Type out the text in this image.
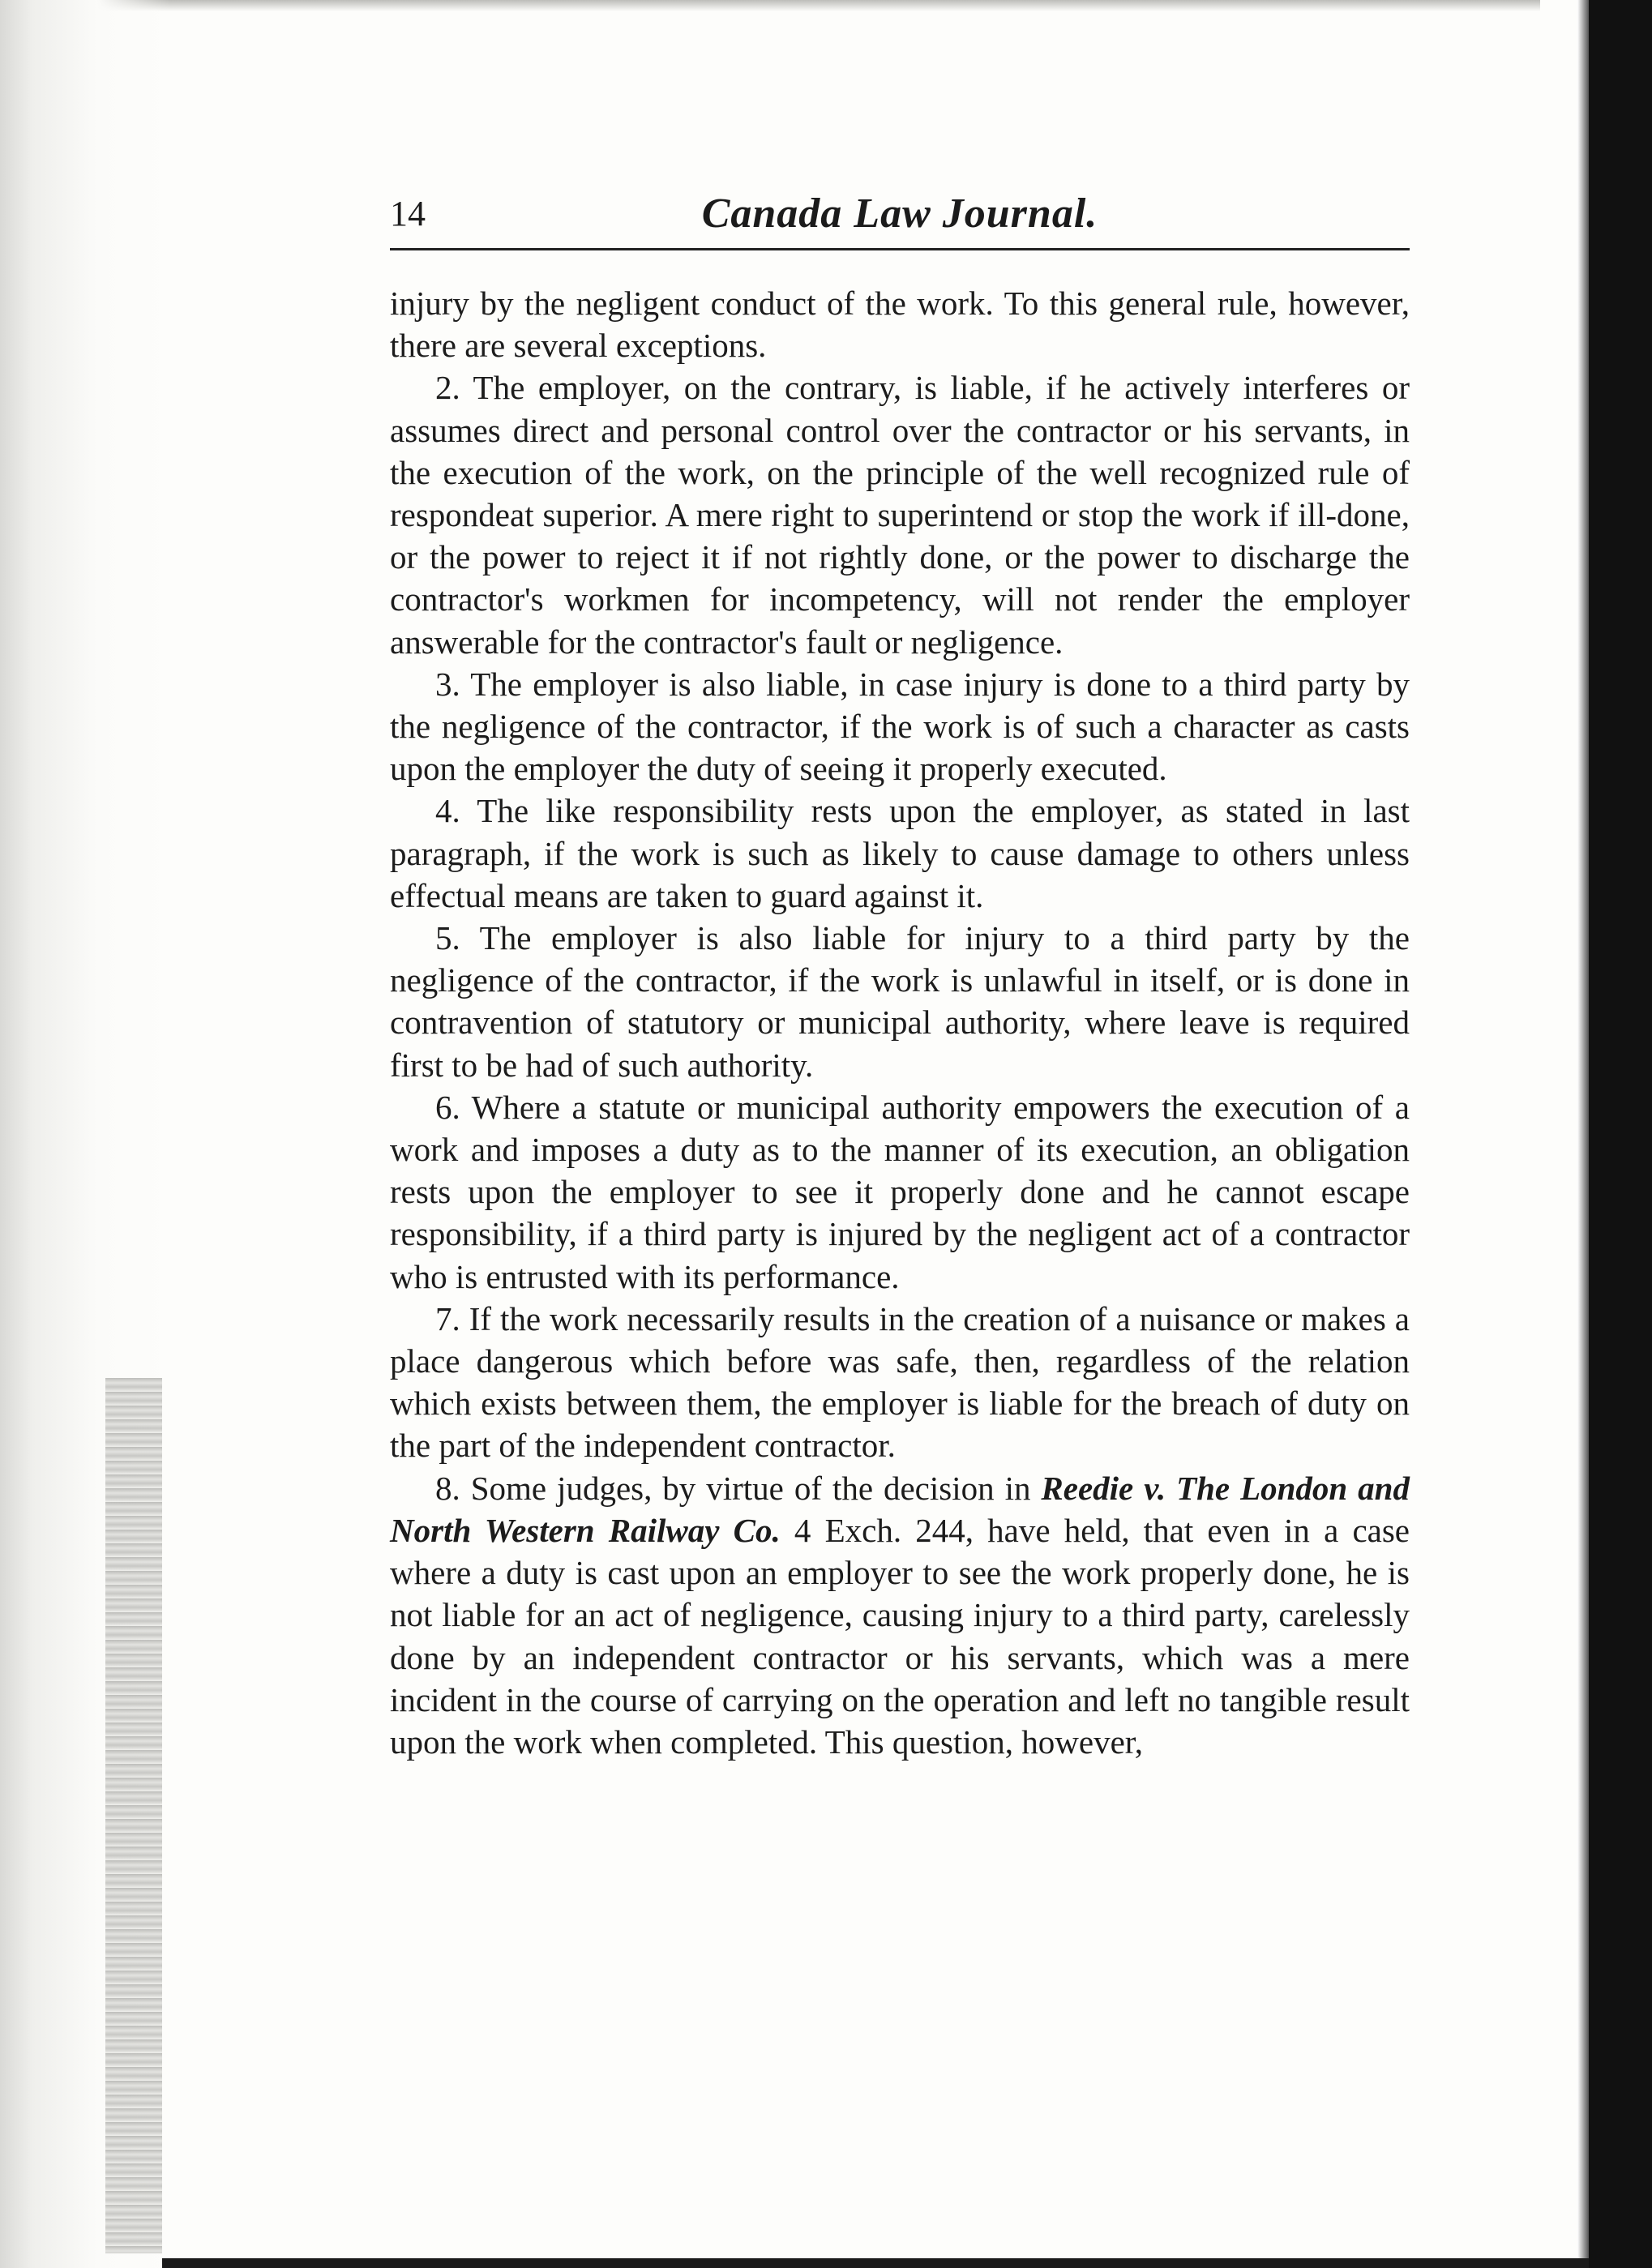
14	Canada Law Journal.

injury by the negligent conduct of the work. To this general rule, however, there are several exceptions.

2. The employer, on the contrary, is liable, if he actively interferes or assumes direct and personal control over the contractor or his servants, in the execution of the work, on the principle of the well recognized rule of respondeat superior. A mere right to superintend or stop the work if ill-done, or the power to reject it if not rightly done, or the power to discharge the contractor's workmen for incompetency, will not render the employer answerable for the contractor's fault or negligence.

3. The employer is also liable, in case injury is done to a third party by the negligence of the contractor, if the work is of such a character as casts upon the employer the duty of seeing it properly executed.

4. The like responsibility rests upon the employer, as stated in last paragraph, if the work is such as likely to cause damage to others unless effectual means are taken to guard against it.

5. The employer is also liable for injury to a third party by the negligence of the contractor, if the work is unlawful in itself, or is done in contravention of statutory or municipal authority, where leave is required first to be had of such authority.

6. Where a statute or municipal authority empowers the execution of a work and imposes a duty as to the manner of its execution, an obligation rests upon the employer to see it properly done and he cannot escape responsibility, if a third party is injured by the negligent act of a contractor who is entrusted with its performance.

7. If the work necessarily results in the creation of a nuisance or makes a place dangerous which before was safe, then, regardless of the relation which exists between them, the employer is liable for the breach of duty on the part of the independent contractor.

8. Some judges, by virtue of the decision in Reedie v. The London and North Western Railway Co. 4 Exch. 244, have held, that even in a case where a duty is cast upon an employer to see the work properly done, he is not liable for an act of negligence, causing injury to a third party, carelessly done by an independent contractor or his servants, which was a mere incident in the course of carrying on the operation and left no tangible result upon the work when completed. This question, however,
